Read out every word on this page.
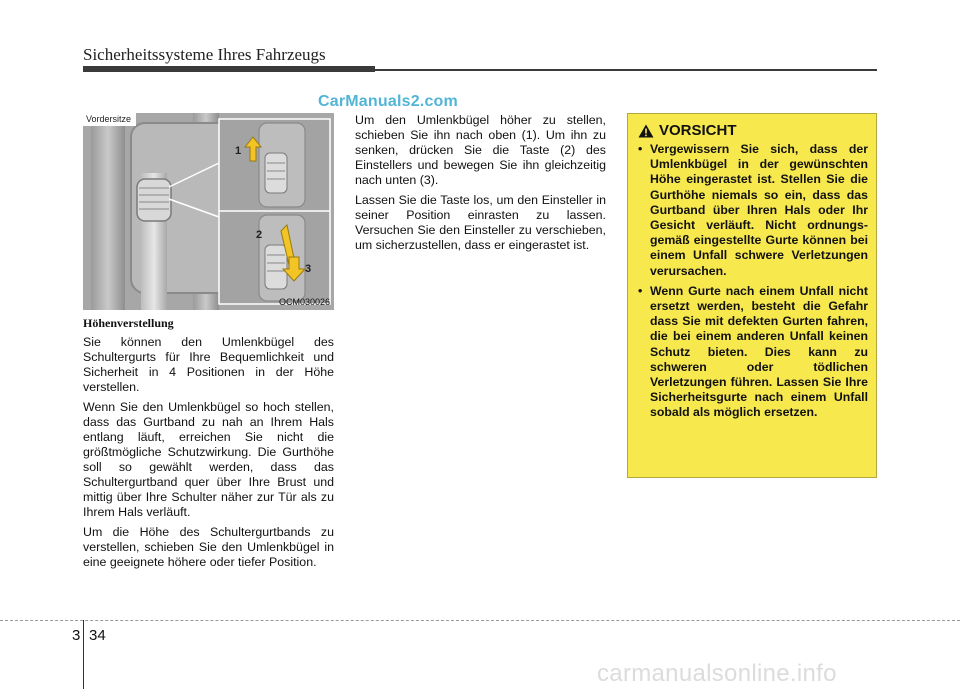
Sicherheitssysteme Ihres Fahrzeugs
CarManuals2.com
1
2
3
Vordersitze
OCM030026
Höhenverstellung

Sie können den Umlenkbügel des Schultergurts für Ihre Bequemlichkeit und Sicherheit in 4 Positionen in der Höhe verstellen.

Wenn Sie den Umlenkbügel so hoch stellen, dass das Gurtband zu nah an Ihrem Hals entlang läuft, erreichen Sie nicht die größtmögliche Schutzwirkung. Die Gurthöhe soll so gewählt werden, dass das Schultergurtband quer über Ihre Brust und mittig über Ihre Schulter näher zur Tür als zu Ihrem Hals verläuft.

Um die Höhe des Schultergurtbands zu verstellen, schieben Sie den Umlenkbügel in eine geeignete höhere oder tiefer Position.

Um den Umlenkbügel höher zu stellen, schieben Sie ihn nach oben (1). Um ihn zu senken, drücken Sie die Taste (2) des Einstellers und bewegen Sie ihn gleichzeitig nach unten (3).

Lassen Sie die Taste los, um den Einsteller in seiner Position einrasten zu lassen. Versuchen Sie den Einsteller zu verschieben, um sicherzustellen, dass er eingerastet ist.

VORSICHT
• Vergewissern Sie sich, dass der Umlenkbügel in der gewünschten Höhe eingerastet ist. Stellen Sie die Gurthöhe niemals so ein, dass das Gurtband über Ihren Hals oder Ihr Gesicht verläuft. Nicht ordnungs-gemäß eingestellte Gurte können bei einem Unfall schwere Verletzungen verursachen.
• Wenn Gurte nach einem Unfall nicht ersetzt werden, besteht die Gefahr dass Sie mit defekten Gurten fahren, die bei einem anderen Unfall keinen Schutz bieten. Dies kann zu schweren oder tödlichen Verletzungen führen. Lassen Sie Ihre Sicherheitsgurte nach einem Unfall sobald als möglich ersetzen.
3 34
carmanualsonline.info
